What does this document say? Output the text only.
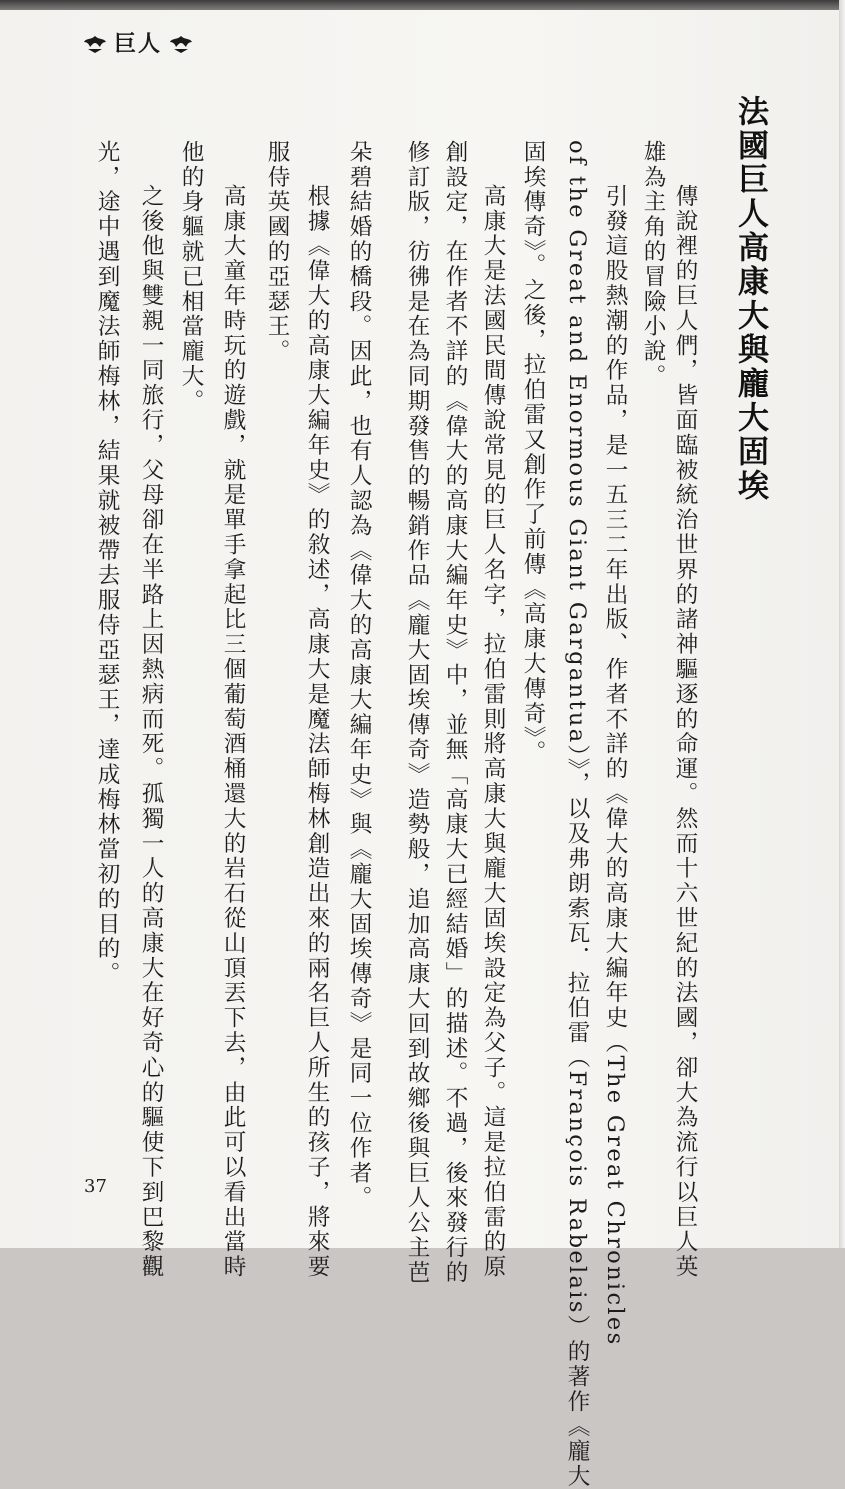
巨人
法國巨人高康大與龐大固埃
傳說裡的巨人們，皆面臨被統治世界的諸神驅逐的命運。然而十六世紀的法國，卻大為流行以巨人英
雄為主角的冒險小說。
引發這股熱潮的作品，是一五三二年出版、作者不詳的《偉大的高康大編年史（The Great Chronicles
of the Great and Enormous Giant Gargantua）》，以及弗朗索瓦．拉伯雷（François Rabelais）的著作《龐大
固埃傳奇》。之後，拉伯雷又創作了前傳《高康大傳奇》。
高康大是法國民間傳說常見的巨人名字，拉伯雷則將高康大與龐大固埃設定為父子。這是拉伯雷的原
創設定，在作者不詳的《偉大的高康大編年史》中，並無「高康大已經結婚」的描述。不過，後來發行的
修訂版，彷彿是在為同期發售的暢銷作品《龐大固埃傳奇》造勢般，追加高康大回到故鄉後與巨人公主芭
朵碧結婚的橋段。因此，也有人認為《偉大的高康大編年史》與《龐大固埃傳奇》是同一位作者。
根據《偉大的高康大編年史》的敘述，高康大是魔法師梅林創造出來的兩名巨人所生的孩子，將來要
服侍英國的亞瑟王。
高康大童年時玩的遊戲，就是單手拿起比三個葡萄酒桶還大的岩石從山頂丟下去，由此可以看出當時
他的身軀就已相當龐大。
之後他與雙親一同旅行，父母卻在半路上因熱病而死。孤獨一人的高康大在好奇心的驅使下到巴黎觀
光，途中遇到魔法師梅林，結果就被帶去服侍亞瑟王，達成梅林當初的目的。
37
